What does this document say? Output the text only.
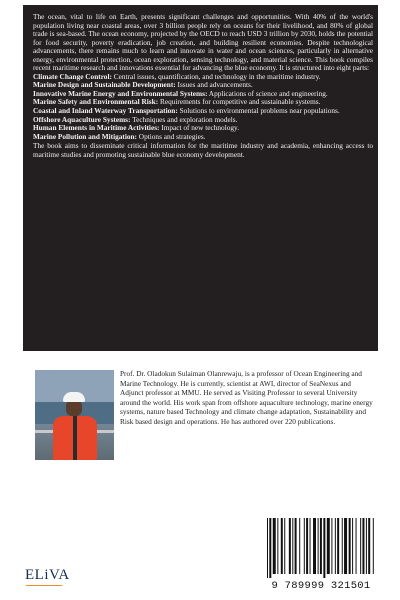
The ocean, vital to life on Earth, presents significant challenges and opportunities. With 40% of the world's population living near coastal areas, over 3 billion people rely on oceans for their livelihood, and 80% of global trade is sea-based. The ocean economy, projected by the OECD to reach USD 3 trillion by 2030, holds the potential for food security, poverty eradication, job creation, and building resilient economies. Despite technological advancements, there remains much to learn and innovate in water and ocean sciences, particularly in alternative energy, environmental protection, ocean exploration, sensing technology, and material science. This book compiles recent maritime research and innovations essential for advancing the blue economy. It is structured into eight parts:

Climate Change Control: Central issues, quantification, and technology in the maritime industry.

Marine Design and Sustainable Development: Issues and advancements.

Innovative Marine Energy and Environmental Systems: Applications of science and engineering.

Marine Safety and Environmental Risk: Requirements for competitive and sustainable systems.

Coastal and Inland Waterway Transportation: Solutions to environmental problems near populations.

Offshore Aquaculture Systems: Techniques and exploration models.

Human Elements in Maritime Activities: Impact of new technology.

Marine Pollution and Mitigation: Options and strategies.

The book aims to disseminate critical information for the maritime industry and academia, enhancing access to maritime studies and promoting sustainable blue economy development.

Prof. Dr. Oladokun Sulaiman Olanrewaju, is a professor of Ocean Engineering and Marine Technology. He is currently, scientist at AWI, director of SeaNexus and Adjunct professor at MMU. He served as Visiting Professor to several University around the world. His work span from offshore aquaculture technology, marine energy systems, nature based Technology and climate change adaptation, Sustainability and Risk based design and operations. He has authored over 220 publications.
9 789999 321501
ELiVA
